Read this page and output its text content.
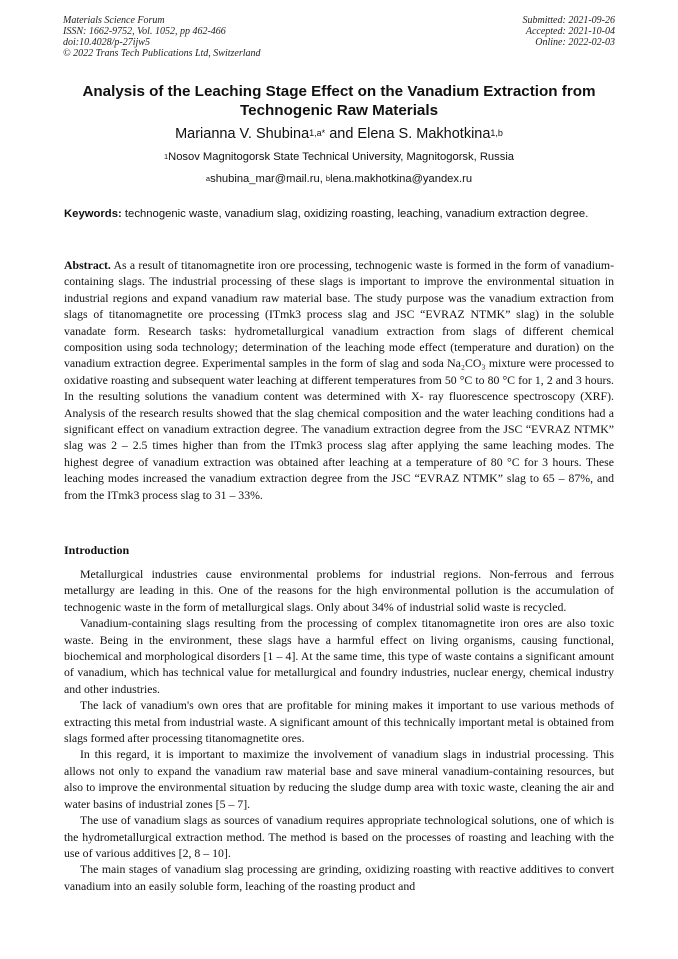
Materials Science Forum
ISSN: 1662-9752, Vol. 1052, pp 462-466
doi:10.4028/p-27ijw5
© 2022 Trans Tech Publications Ltd, Switzerland
Submitted: 2021-09-26
Accepted: 2021-10-04
Online: 2022-02-03
Analysis of the Leaching Stage Effect on the Vanadium Extraction from Technogenic Raw Materials
Marianna V. Shubina$^{1,a*}$ and Elena S. Makhotkina$^{1,b}$
$^1$Nosov Magnitogorsk State Technical University, Magnitogorsk, Russia
$^a$shubina_mar@mail.ru, $^b$lena.makhotkina@yandex.ru
Keywords: technogenic waste, vanadium slag, oxidizing roasting, leaching, vanadium extraction degree.
Abstract. As a result of titanomagnetite iron ore processing, technogenic waste is formed in the form of vanadium-containing slags. The industrial processing of these slags is important to improve the environmental situation in industrial regions and expand vanadium raw material base. The study purpose was the vanadium extraction from slags of titanomagnetite ore processing (ITmk3 process slag and JSC “EVRAZ NTMK” slag) in the soluble vanadate form. Research tasks: hydrometallurgical vanadium extraction from slags of different chemical composition using soda technology; determination of the leaching mode effect (temperature and duration) on the vanadium extraction degree. Experimental samples in the form of slag and soda Na₂CO₃ mixture were processed to oxidative roasting and subsequent water leaching at different temperatures from 50 °C to 80 °C for 1, 2 and 3 hours. In the resulting solutions the vanadium content was determined with X- ray fluorescence spectroscopy (XRF). Analysis of the research results showed that the slag chemical composition and the water leaching conditions had a significant effect on vanadium extraction degree. The vanadium extraction degree from the JSC “EVRAZ NTMK” slag was 2 – 2.5 times higher than from the ITmk3 process slag after applying the same leaching modes. The highest degree of vanadium extraction was obtained after leaching at a temperature of 80 °C for 3 hours. These leaching modes increased the vanadium extraction degree from the JSC “EVRAZ NTMK” slag to 65 – 87%, and from the ITmk3 process slag to 31 – 33%.
Introduction

Metallurgical industries cause environmental problems for industrial regions. Non-ferrous and ferrous metallurgy are leading in this. One of the reasons for the high environmental pollution is the accumulation of technogenic waste in the form of metallurgical slags. Only about 34% of industrial solid waste is recycled.

Vanadium-containing slags resulting from the processing of complex titanomagnetite iron ores are also toxic waste. Being in the environment, these slags have a harmful effect on living organisms, causing functional, biochemical and morphological disorders [1 – 4]. At the same time, this type of waste contains a significant amount of vanadium, which has technical value for metallurgical and foundry industries, nuclear energy, chemical industry and other industries.

The lack of vanadium's own ores that are profitable for mining makes it important to use various methods of extracting this metal from industrial waste. A significant amount of this technically important metal is obtained from slags formed after processing titanomagnetite ores.

In this regard, it is important to maximize the involvement of vanadium slags in industrial processing. This allows not only to expand the vanadium raw material base and save mineral vanadium-containing resources, but also to improve the environmental situation by reducing the sludge dump area with toxic waste, cleaning the air and water basins of industrial zones [5 – 7].

The use of vanadium slags as sources of vanadium requires appropriate technological solutions, one of which is the hydrometallurgical extraction method. The method is based on the processes of roasting and leaching with the use of various additives [2, 8 – 10].

The main stages of vanadium slag processing are grinding, oxidizing roasting with reactive additives to convert vanadium into an easily soluble form, leaching of the roasting product and
